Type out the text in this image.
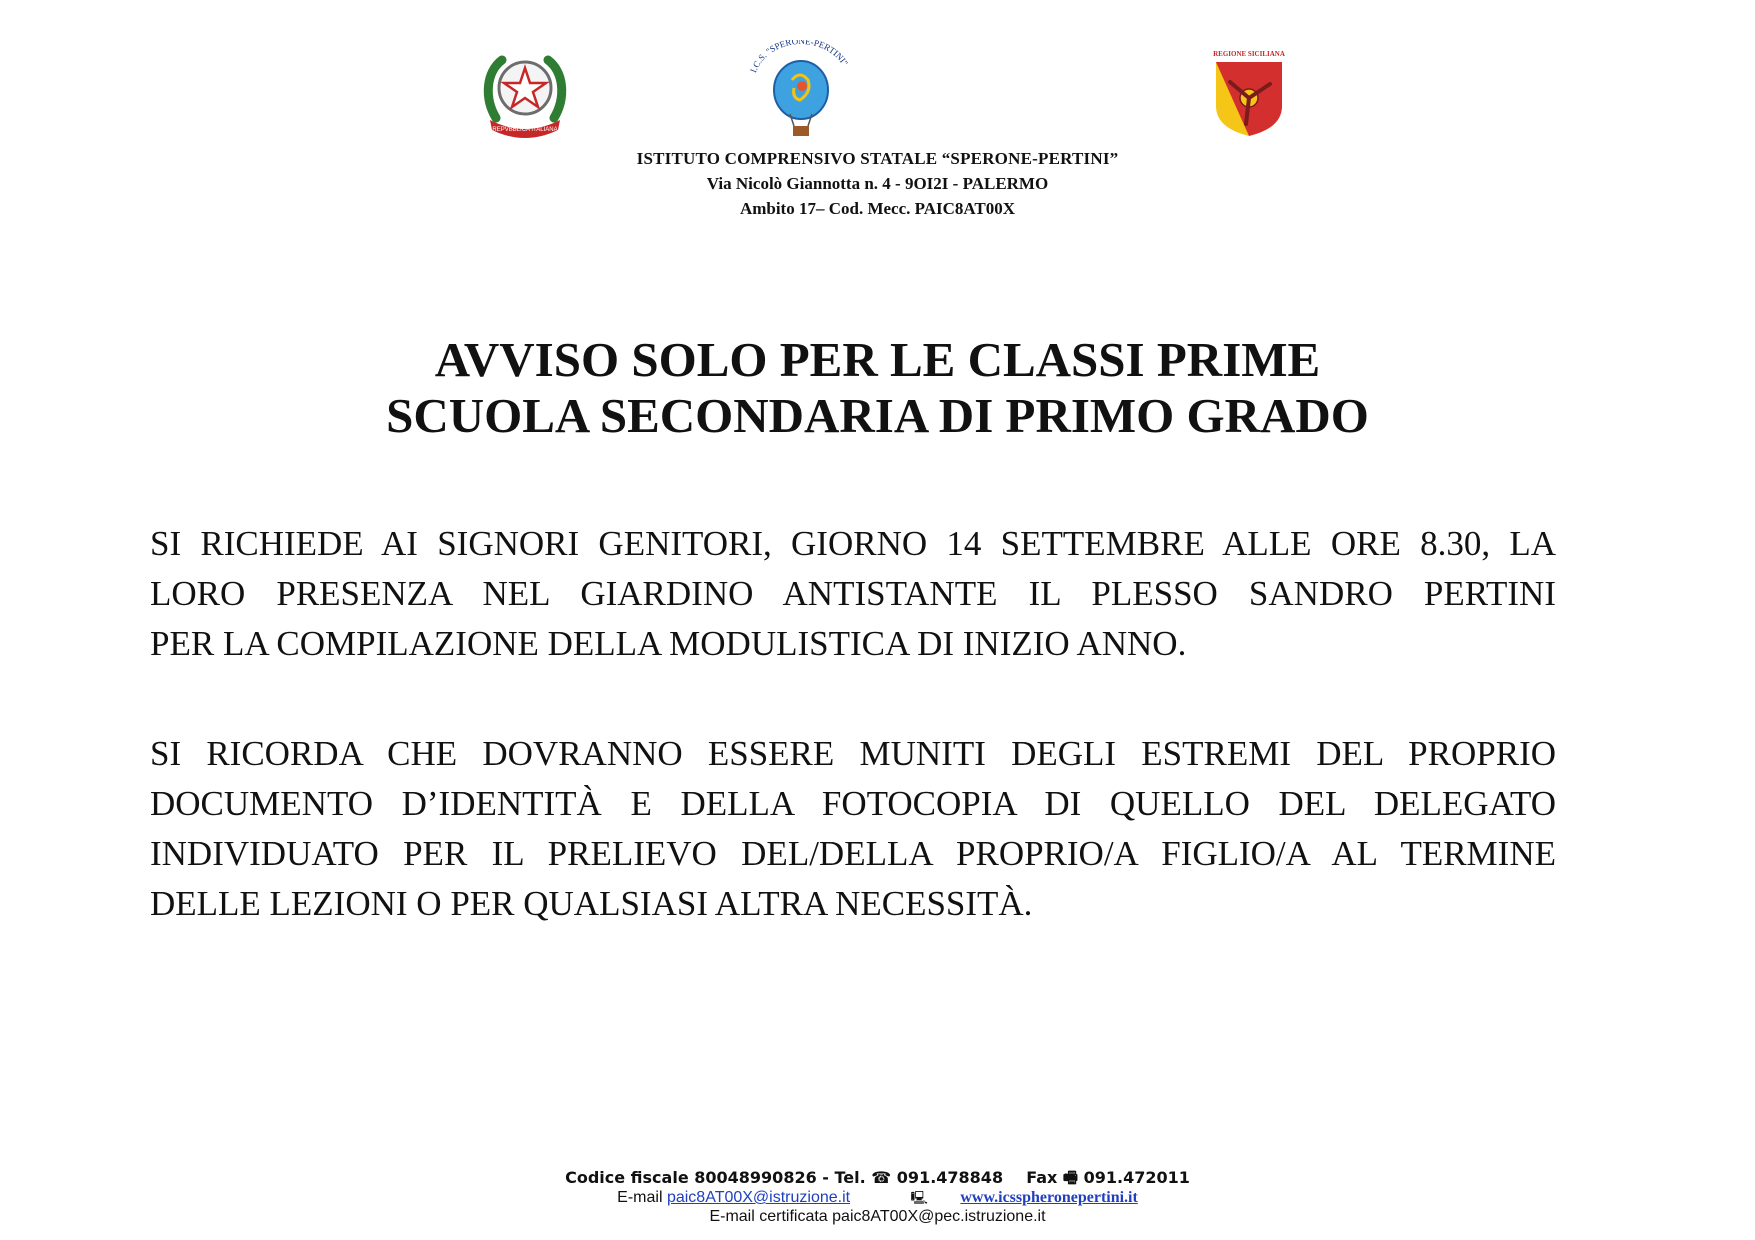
REPVBBLICA ITALIANA
I.C.S. "SPERONE-PERTINI"
REGIONE SICILIANA
ISTITUTO COMPRENSIVO STATALE “SPERONE-PERTINI”
Via Nicolò Giannotta n. 4 - 9OI2I - PALERMO
Ambito 17– Cod. Mecc. PAIC8AT00X
AVVISO SOLO PER LE CLASSI PRIME
SCUOLA SECONDARIA DI PRIMO GRADO
SI RICHIEDE AI SIGNORI GENITORI, GIORNO 14 SETTEMBRE ALLE ORE 8.30, LA
LORO PRESENZA NEL GIARDINO ANTISTANTE IL PLESSO SANDRO PERTINI
PER LA COMPILAZIONE DELLA MODULISTICA DI INIZIO ANNO.
SI RICORDA CHE DOVRANNO ESSERE MUNITI DEGLI ESTREMI DEL PROPRIO
DOCUMENTO D’IDENTITÀ E DELLA FOTOCOPIA DI QUELLO DEL DELEGATO
INDIVIDUATO PER IL PRELIEVO DEL/DELLA PROPRIO/A FIGLIO/A AL TERMINE
DELLE LEZIONI O PER QUALSIASI ALTRA NECESSITÀ.
Codice fiscale 80048990826 - Tel. ☎ 091.478848 Fax 🖷 091.472011
E-mail paic8AT00X@istruzione.it	🖳 www.icsspheronepertini.it
E-mail certificata paic8AT00X@pec.istruzione.it
